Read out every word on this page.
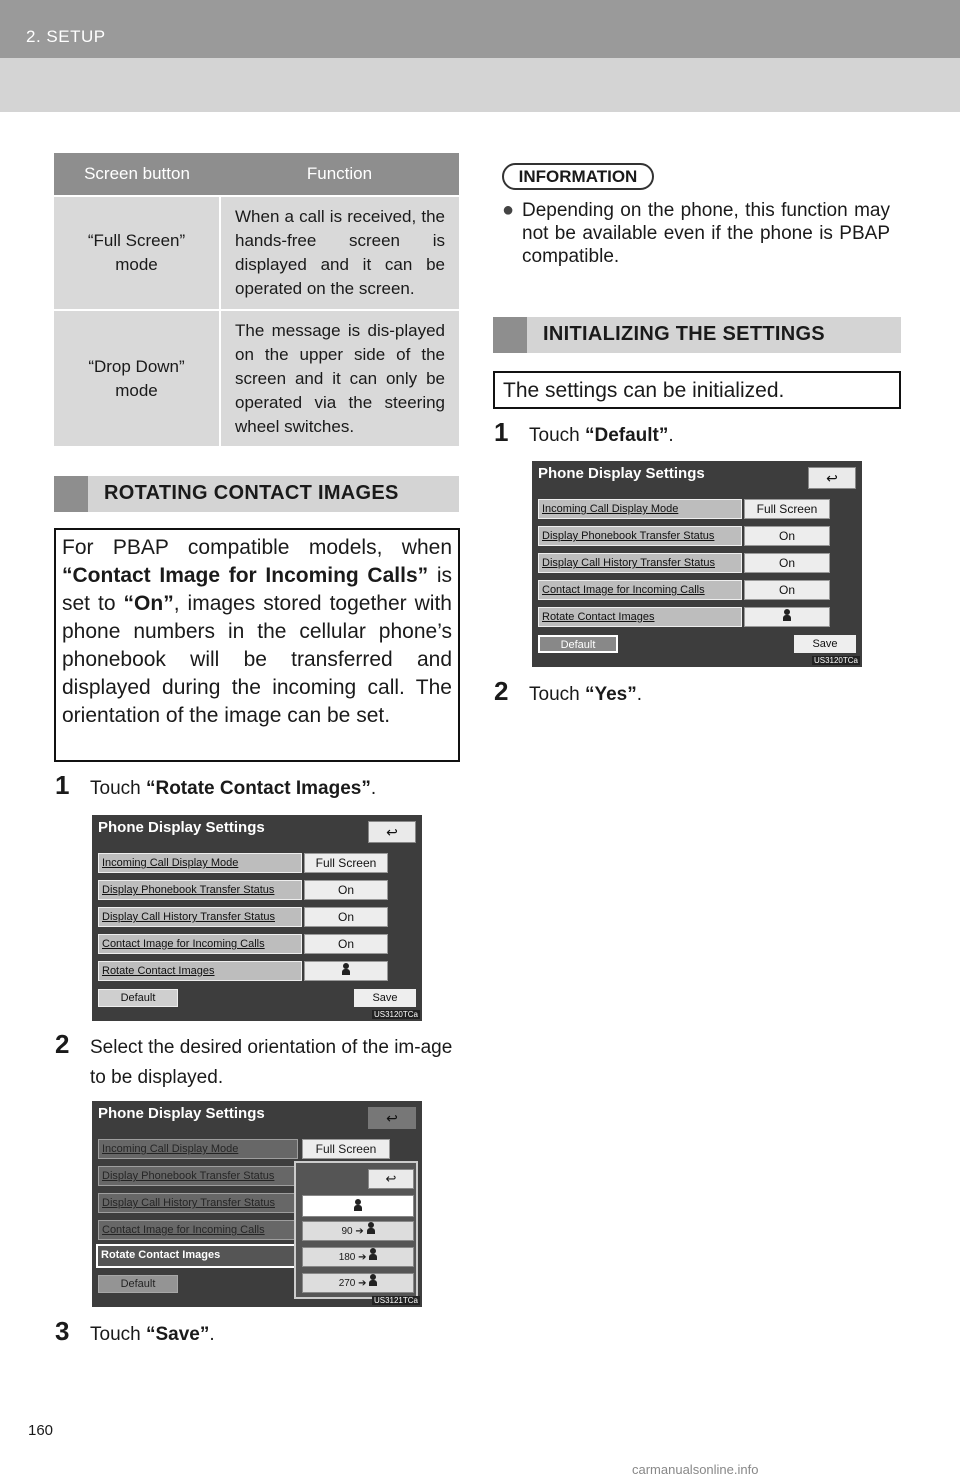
2. SETUP
Screen button	Function

“Full Screen” mode	When a call is received, the hands-free screen is displayed and it can be operated on the screen.

“Drop Down” mode	The message is dis-played on the upper side of the screen and it can only be operated via the steering wheel switches.
ROTATING CONTACT IMAGES
For PBAP compatible models, when “Contact Image for Incoming Calls” is set to “On”, images stored together with phone numbers in the cellular phone’s phonebook will be transferred and displayed during the incoming call. The orientation of the image can be set.
1 Touch “Rotate Contact Images”.
Phone Display Settings	↩
Incoming Call Display Mode	Full Screen
Display Phonebook Transfer Status	On
Display Call History Transfer Status	On
Contact Image for Incoming Calls	On
Rotate Contact Images
Default	Save
US3120TCa
2 Select the desired orientation of the im-age to be displayed.
Phone Display Settings	↩
Incoming Call Display Mode	Full Screen
Display Phonebook Transfer Status
Display Call History Transfer Status
Contact Image for Incoming Calls
Rotate Contact Images
↩
90 ➔
180 ➔
270 ➔
Default
US3121TCa
3 Touch “Save”.
INFORMATION
● Depending on the phone, this function may not be available even if the phone is PBAP compatible.
INITIALIZING THE SETTINGS
The settings can be initialized.
1 Touch “Default”.
Phone Display Settings	↩
Incoming Call Display Mode	Full Screen
Display Phonebook Transfer Status	On
Display Call History Transfer Status	On
Contact Image for Incoming Calls	On
Rotate Contact Images
Default	Save
US3120TCa
2 Touch “Yes”.
160
carmanualsonline.info
